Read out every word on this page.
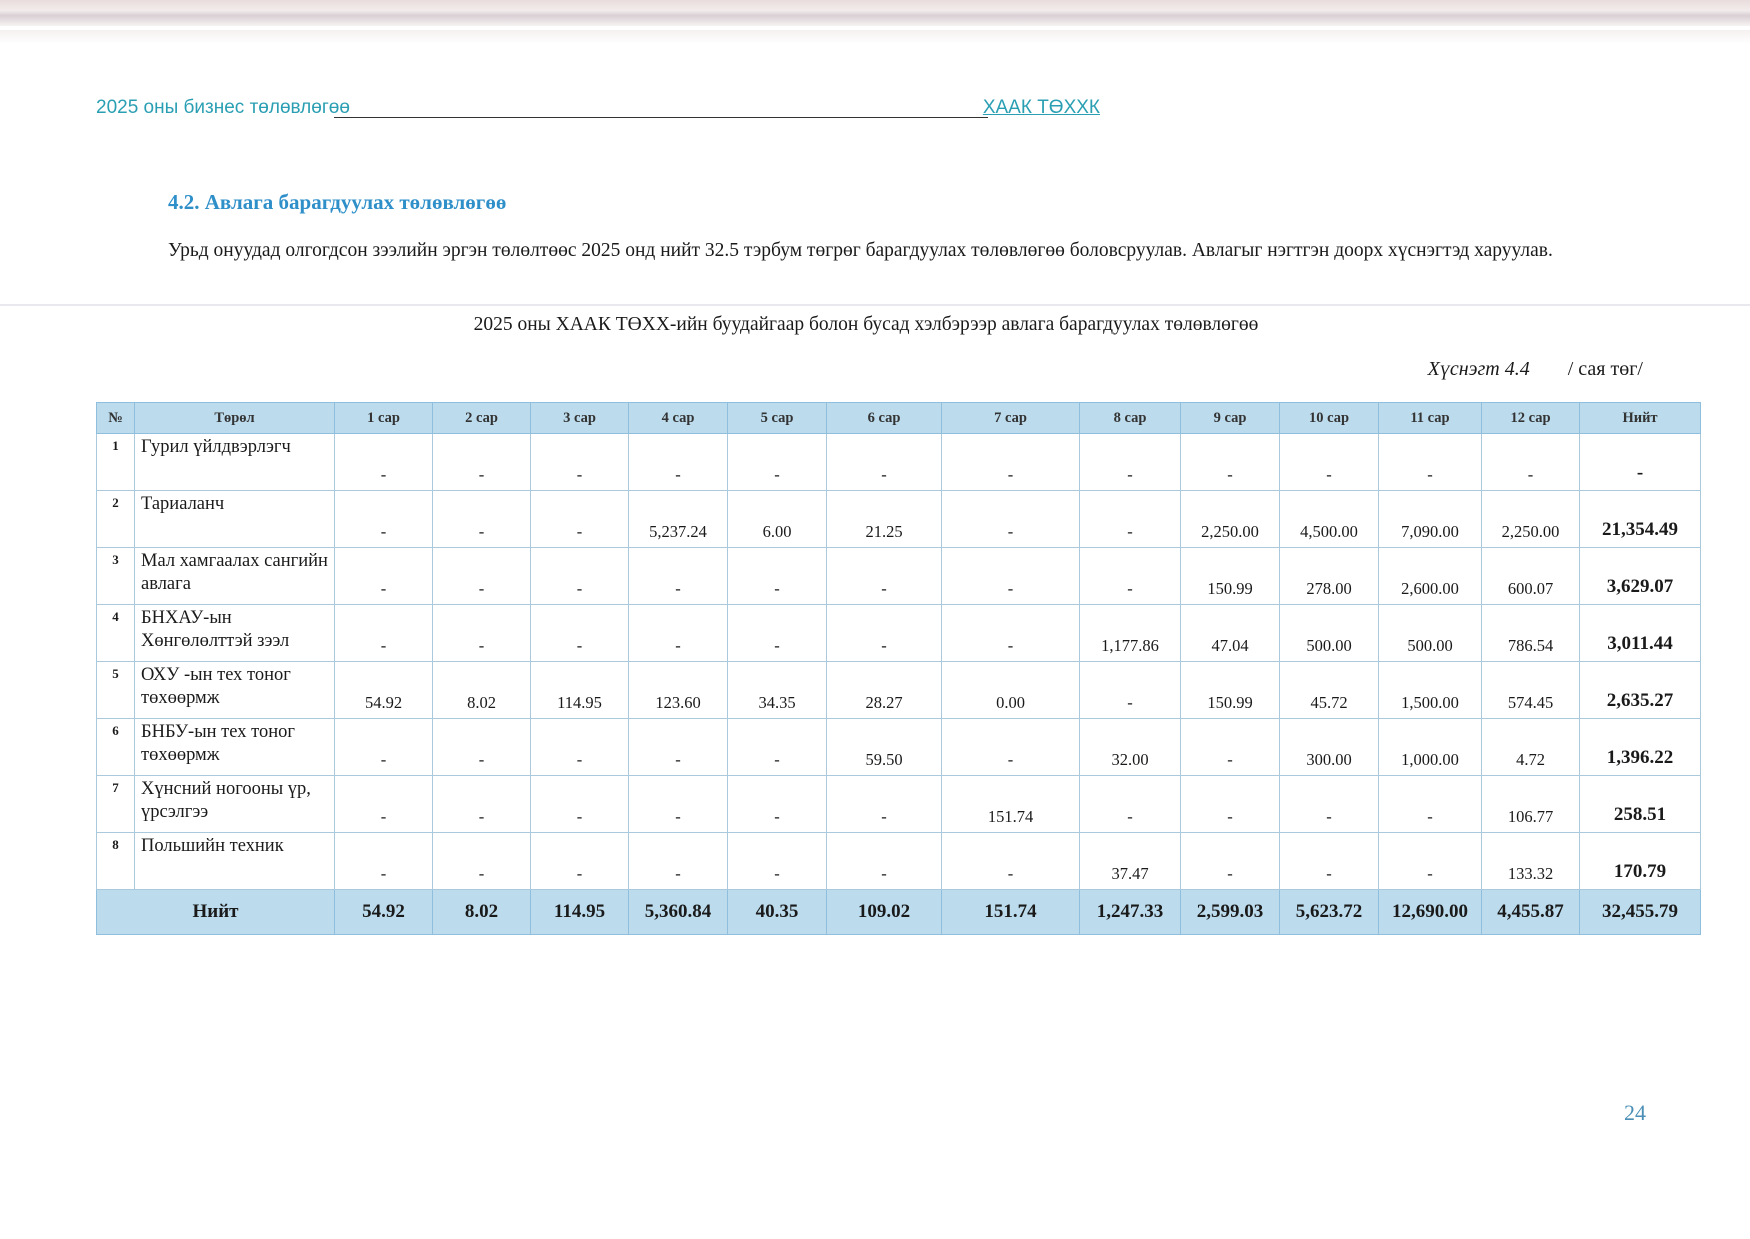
2025 оны бизнес төлөвлөгөө	ХААК ТӨХХК
4.2. Авлага барагдуулах төлөвлөгөө
Урьд онуудад олгогдсон зээлийн эргэн төлөлтөөс 2025 онд нийт 32.5 тэрбум төгрөг барагдуулах төлөвлөгөө боловсруулав. Авлагыг нэгтгэн доорх хүснэгтэд харуулав.
2025 оны ХААК ТӨХХ-ийн буудайгаар болон бусад хэлбэрээр авлага барагдуулах төлөвлөгөө
Хүснэгт 4.4 / сая төг/
№	Төрөл	1 сар	2 сар	3 сар	4 сар	5 сар	6 сар	7 сар	8 сар	9 сар	10 сар	11 сар	12 сар	Нийт
1	Гурил үйлдвэрлэгч	-	-	-	-	-	-	-	-	-	-	-	-	-
2	Тариаланч	-	-	-	5,237.24	6.00	21.25	-	-	2,250.00	4,500.00	7,090.00	2,250.00	21,354.49
3	Мал хамгаалах сангийн авлага	-	-	-	-	-	-	-	-	150.99	278.00	2,600.00	600.07	3,629.07
4	БНХАУ-ын Хөнгөлөлттэй зээл	-	-	-	-	-	-	-	1,177.86	47.04	500.00	500.00	786.54	3,011.44
5	ОХУ -ын тех тоног төхөөрмж	54.92	8.02	114.95	123.60	34.35	28.27	0.00	-	150.99	45.72	1,500.00	574.45	2,635.27
6	БНБУ-ын тех тоног төхөөрмж	-	-	-	-	-	59.50	-	32.00	-	300.00	1,000.00	4.72	1,396.22
7	Хүнсний ногооны үр, үрсэлгээ	-	-	-	-	-	-	151.74	-	-	-	-	106.77	258.51
8	Польшийн техник	-	-	-	-	-	-	-	37.47	-	-	-	133.32	170.79
Нийт		54.92	8.02	114.95	5,360.84	40.35	109.02	151.74	1,247.33	2,599.03	5,623.72	12,690.00	4,455.87	32,455.79
24
